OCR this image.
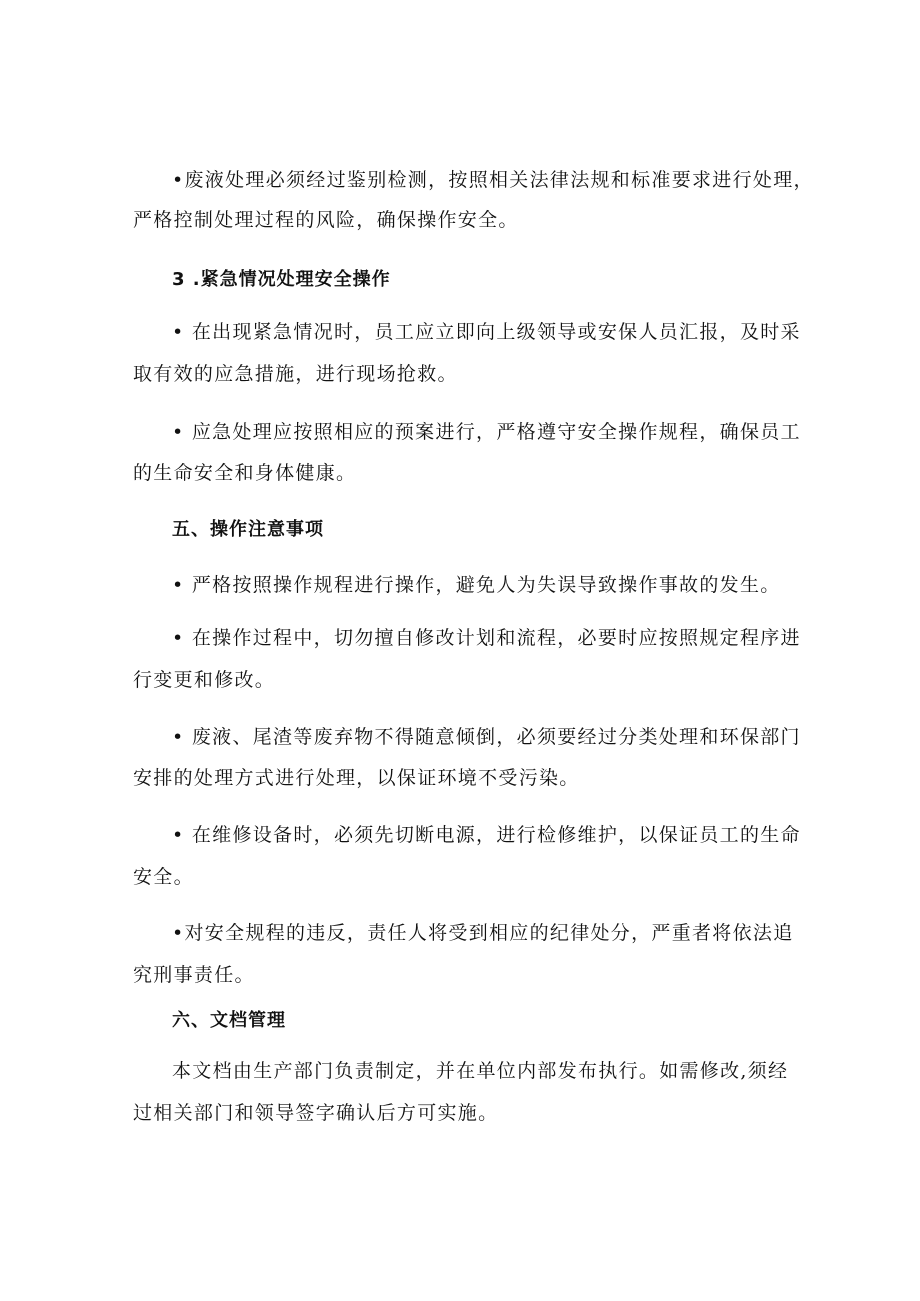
•废液处理必须经过鉴别检测，按照相关法律法规和标准要求进行处理，
严格控制处理过程的风险，确保操作安全。
3 .紧急情况处理安全操作
• 在出现紧急情况时，员工应立即向上级领导或安保人员汇报，及时采
取有效的应急措施，进行现场抢救。
• 应急处理应按照相应的预案进行，严格遵守安全操作规程，确保员工
的生命安全和身体健康。
五、操作注意事项
• 严格按照操作规程进行操作，避免人为失误导致操作事故的发生。
• 在操作过程中，切勿擅自修改计划和流程，必要时应按照规定程序进
行变更和修改。
• 废液、尾渣等废弃物不得随意倾倒，必须要经过分类处理和环保部门
安排的处理方式进行处理，以保证环境不受污染。
• 在维修设备时，必须先切断电源，进行检修维护，以保证员工的生命
安全。
•对安全规程的违反，责任人将受到相应的纪律处分，严重者将依法追
究刑事责任。
六、文档管理
本文档由生产部门负责制定，并在单位内部发布执行。如需修改,须经
过相关部门和领导签字确认后方可实施。
